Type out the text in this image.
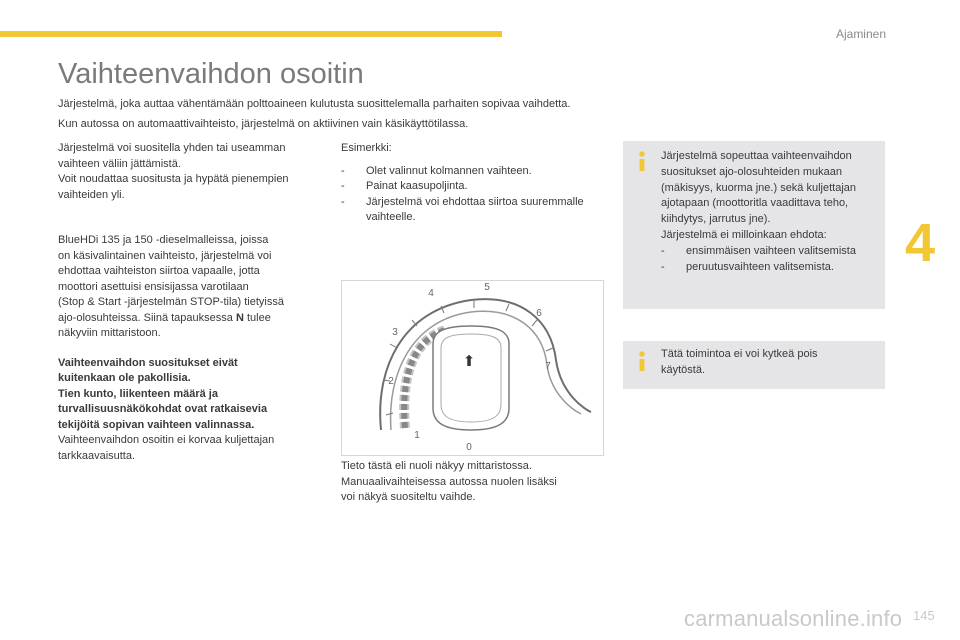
Ajaminen
4
Vaihteenvaihdon osoitin
Järjestelmä, joka auttaa vähentämään polttoaineen kulutusta suosittelemalla parhaiten sopivaa vaihdetta.
Kun autossa on automaattivaihteisto, järjestelmä on aktiivinen vain käsikäyttötilassa.

Järjestelmä voi suositella yhden tai useamman
vaihteen väliin jättämistä.
Voit noudattaa suositusta ja hypätä pienempien
vaihteiden yli.

BlueHDi 135 ja 150 -dieselmalleissa, joissa
on käsivalintainen vaihteisto, järjestelmä voi
ehdottaa vaihteiston siirtoa vapaalle, jotta
moottori asettuisi ensisijassa varotilaan
(Stop & Start -järjestelmän STOP-tila) tietyissä
ajo-olosuhteissa. Siinä tapauksessa N tulee
näkyviin mittaristoon.

Vaihteenvaihdon suositukset eivät
kuitenkaan ole pakollisia.
Tien kunto, liikenteen määrä ja
turvallisuusnäkökohdat ovat ratkaisevia
tekijöitä sopivan vaihteen valinnassa.
Vaihteenvaihdon osoitin ei korvaa kuljettajan
tarkkaavaisutta.

Esimerkki:

- Olet valinnut kolmannen vaihteen.
- Painat kaasupoljinta.
- Järjestelmä voi ehdottaa siirtoa suuremmalle vaihteelle.
⬆
0
1
2
3
4
5
6
7

Tieto tästä eli nuoli näkyy mittaristossa.
Manuaalivaihteisessa autossa nuolen lisäksi
voi näkyä suositeltu vaihde.

Järjestelmä sopeuttaa vaihteenvaihdon
suositukset ajo-olosuhteiden mukaan
(mäkisyys, kuorma jne.) sekä kuljettajan
ajotapaan (moottoritla vaadittava teho,
kiihdytys, jarrutus jne).
Järjestelmä ei milloinkaan ehdota:

- ensimmäisen vaihteen valitsemista
- peruutusvaihteen valitsemista.

Tätä toimintoa ei voi kytkeä pois
käytöstä.

carmanualsonline.info 145
